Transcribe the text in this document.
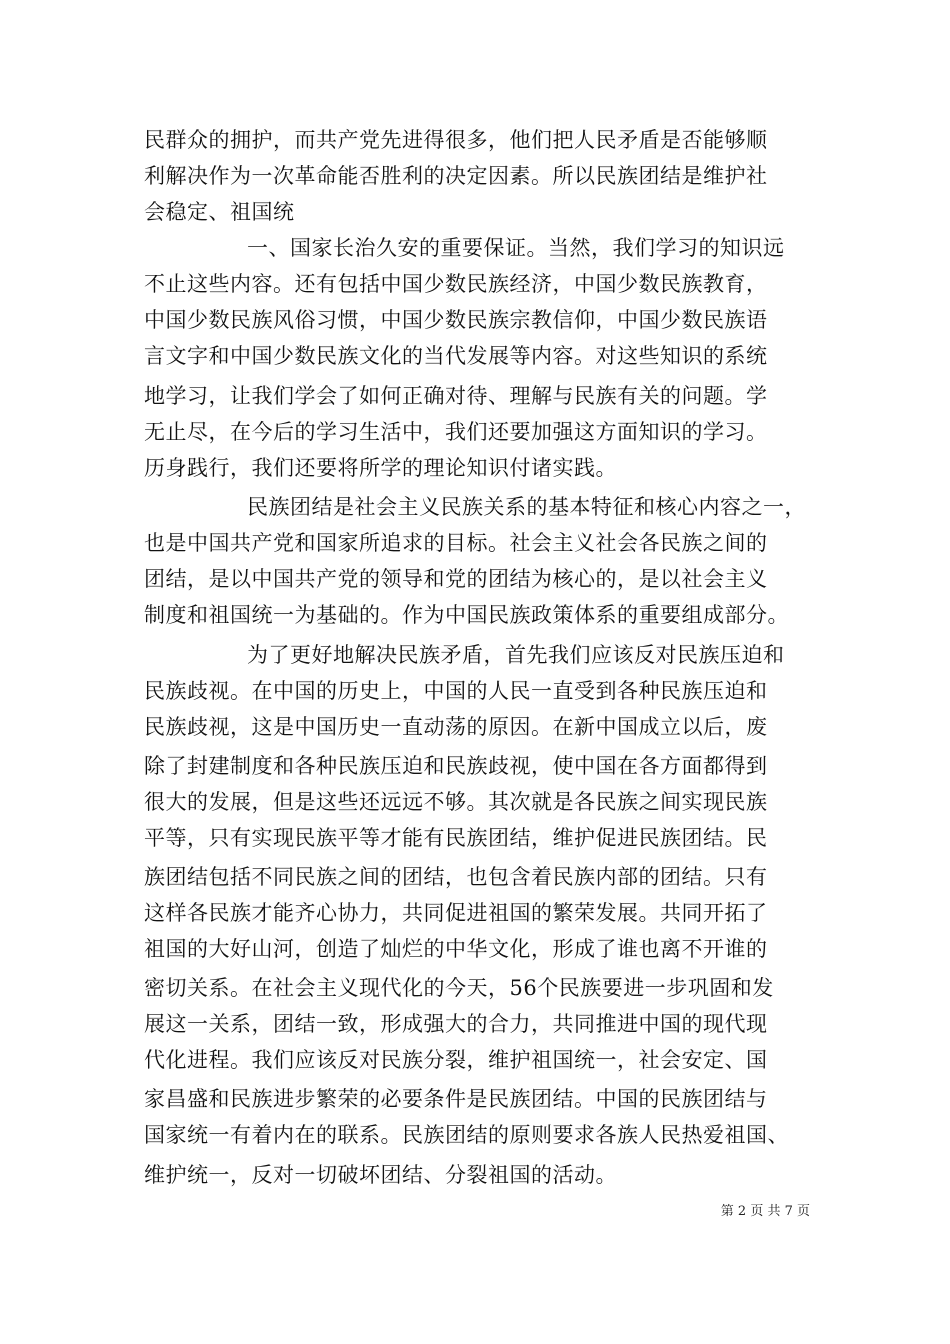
民群众的拥护，而共产党先进得很多，他们把人民矛盾是否能够顺
利解决作为一次革命能否胜利的决定因素。所以民族团结是维护社
会稳定、祖国统
一、国家长治久安的重要保证。当然，我们学习的知识远
不止这些内容。还有包括中国少数民族经济，中国少数民族教育，
中国少数民族风俗习惯，中国少数民族宗教信仰，中国少数民族语
言文字和中国少数民族文化的当代发展等内容。对这些知识的系统
地学习，让我们学会了如何正确对待、理解与民族有关的问题。学
无止尽，在今后的学习生活中，我们还要加强这方面知识的学习。
历身践行，我们还要将所学的理论知识付诸实践。
民族团结是社会主义民族关系的基本特征和核心内容之一，
也是中国共产党和国家所追求的目标。社会主义社会各民族之间的
团结，是以中国共产党的领导和党的团结为核心的，是以社会主义
制度和祖国统一为基础的。作为中国民族政策体系的重要组成部分。
为了更好地解决民族矛盾，首先我们应该反对民族压迫和
民族歧视。在中国的历史上，中国的人民一直受到各种民族压迫和
民族歧视，这是中国历史一直动荡的原因。在新中国成立以后，废
除了封建制度和各种民族压迫和民族歧视，使中国在各方面都得到
很大的发展，但是这些还远远不够。其次就是各民族之间实现民族
平等，只有实现民族平等才能有民族团结，维护促进民族团结。民
族团结包括不同民族之间的团结，也包含着民族内部的团结。只有
这样各民族才能齐心协力，共同促进祖国的繁荣发展。共同开拓了
祖国的大好山河，创造了灿烂的中华文化，形成了谁也离不开谁的
密切关系。在社会主义现代化的今天，56个民族要进一步巩固和发
展这一关系，团结一致，形成强大的合力，共同推进中国的现代现
代化进程。我们应该反对民族分裂，维护祖国统一，社会安定、国
家昌盛和民族进步繁荣的必要条件是民族团结。中国的民族团结与
国家统一有着内在的联系。民族团结的原则要求各族人民热爱祖国、
维护统一，反对一切破坏团结、分裂祖国的活动。
第 2 页 共 7 页
